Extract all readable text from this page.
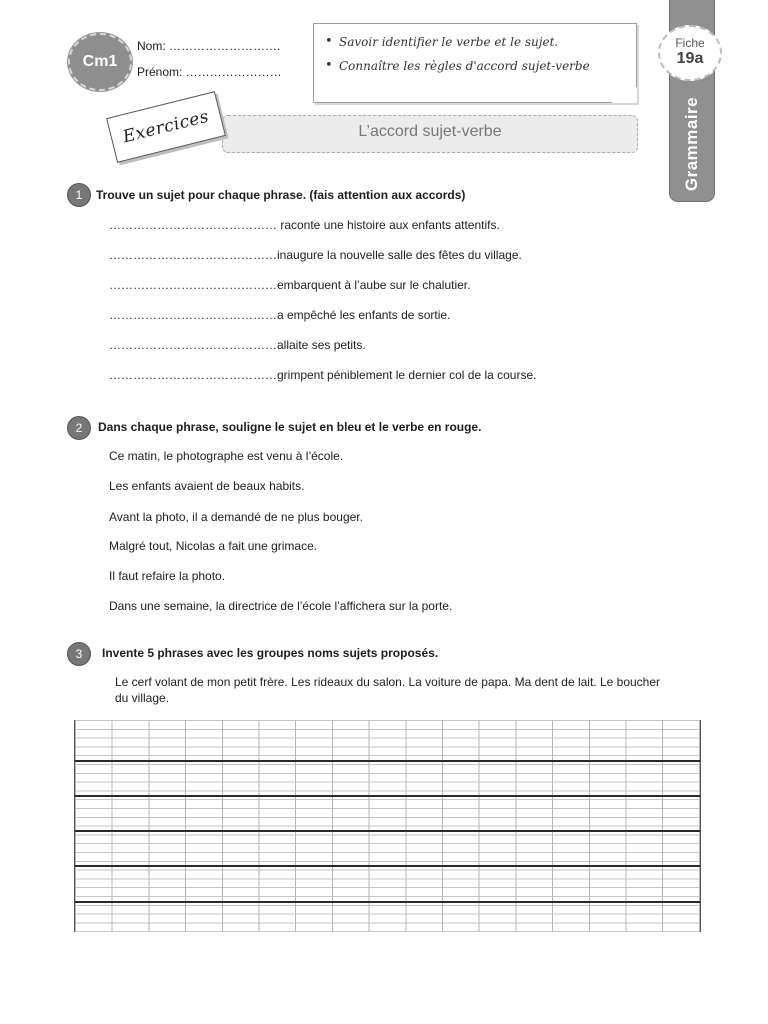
Cm1
Nom: ……………………….
Prénom: ……………………
• Savoir identifier le verbe et le sujet.
• Connaître les règles d'accord sujet-verbe
Grammaire
Fiche
19a
L’accord sujet-verbe
Exercices
1	Trouve un sujet pour chaque phrase. (fais attention aux accords)
…………………………………… raconte une histoire aux enfants attentifs.
……………………………………inaugure la nouvelle salle des fêtes du village.
……………………………………embarquent à l’aube sur le chalutier.
……………………………………a empêché les enfants de sortie.
……………………………………allaite ses petits.
……………………………………grimpent péniblement le dernier col de la course.
2	Dans chaque phrase, souligne le sujet en bleu et le verbe en rouge.
Ce matin, le photographe est venu à l’école.
Les enfants avaient de beaux habits.
Avant la photo, il a demandé de ne plus bouger.
Malgré tout, Nicolas a fait une grimace.
Il faut refaire la photo.
Dans une semaine, la directrice de l’école l’affichera sur la porte.
3	Invente 5 phrases avec les groupes noms sujets proposés.
Le cerf volant de mon petit frère. Les rideaux du salon. La voiture de papa. Ma dent de lait. Le boucher du village.
